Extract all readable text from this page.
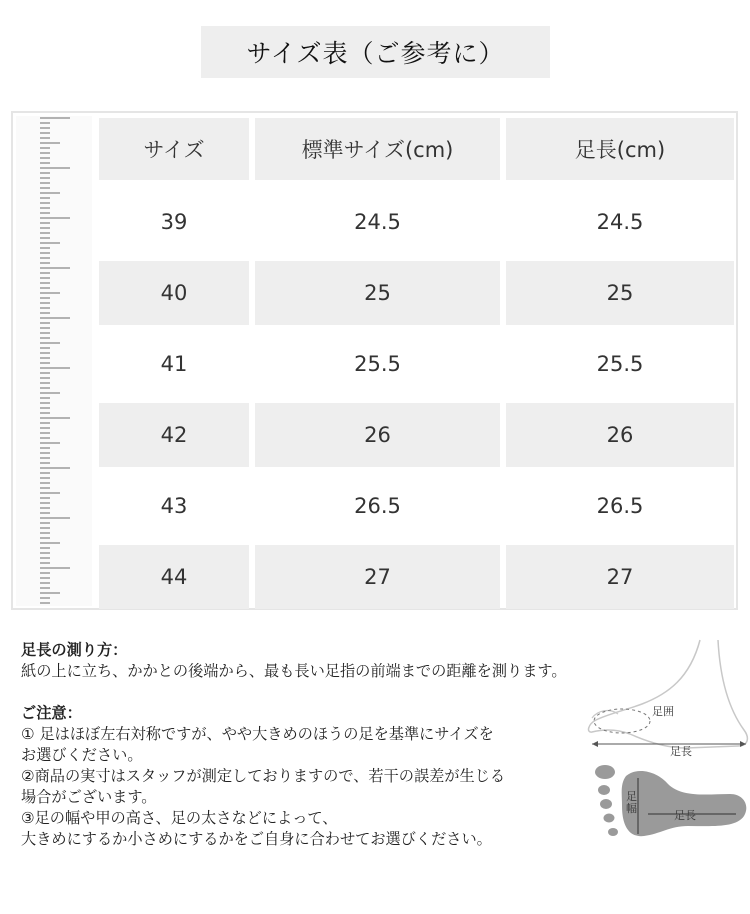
サイズ表（ご参考に）
サイズ	標準サイズ(cm)	足長(cm)
39	24.5	24.5
40	25	25
41	25.5	25.5
42	26	26
43	26.5	26.5
44	27	27
足長の測り方：
紙の上に立ち、かかとの後端から、最も長い足指の前端までの距離を測ります。
ご注意：
① 足はほぼ左右対称ですが、やや大きめのほうの足を基準にサイズを
お選びください。
②商品の実寸はスタッフが測定しておりますので、若干の誤差が生じる
場合がございます。
③足の幅や甲の高さ、足の太さなどによって、
大きめにするか小さめにするかをご自身に合わせてお選びください。
足囲
足長
足
幅
足長
